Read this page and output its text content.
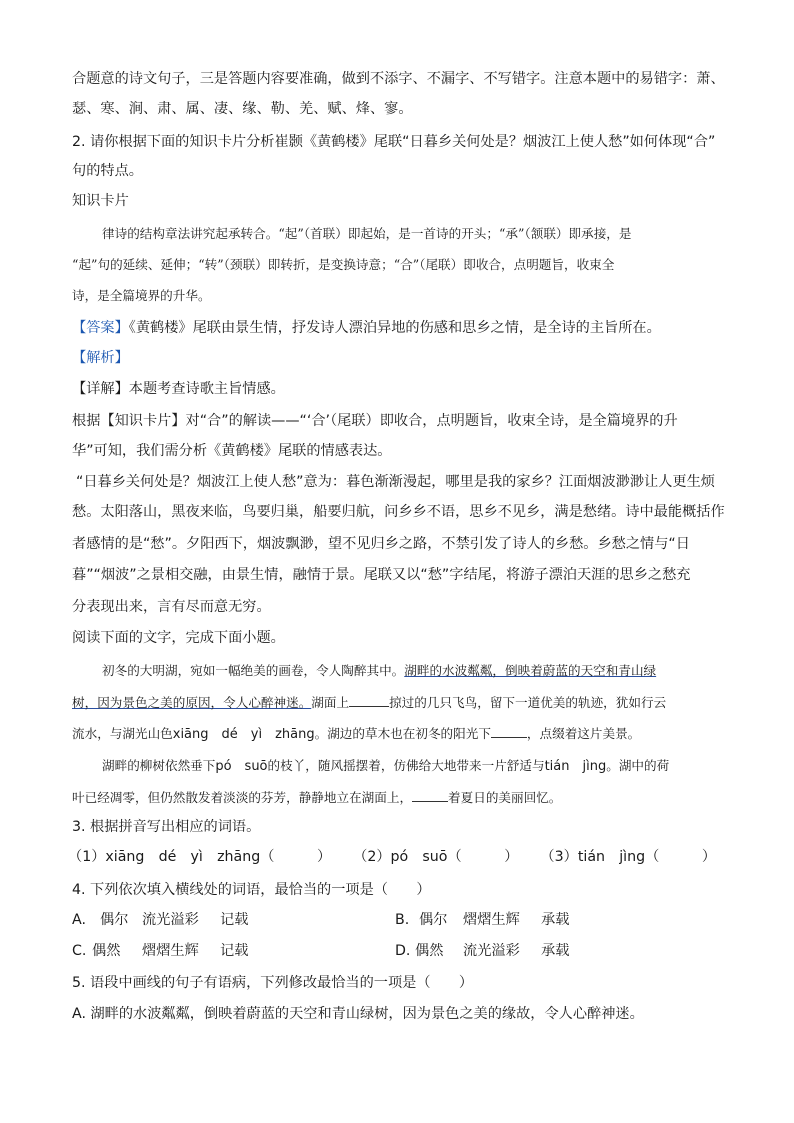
合题意的诗文句子，三是答题内容要准确，做到不添字、不漏字、不写错字。注意本题中的易错字：萧、
瑟、寒、涧、肃、属、凄、缘、勒、羌、赋、烽、寥。
2. 请你根据下面的知识卡片分析崔颢《黄鹤楼》尾联“日暮乡关何处是？烟波江上使人愁”如何体现“合”
句的特点。
知识卡片
律诗的结构章法讲究起承转合。“起”（首联）即起始，是一首诗的开头；“承”（颔联）即承接，是
“起”句的延续、延伸；“转”（颈联）即转折，是变换诗意；“合”（尾联）即收合，点明题旨，收束全
诗，是全篇境界的升华。
【答案】《黄鹤楼》尾联由景生情，抒发诗人漂泊异地的伤感和思乡之情，是全诗的主旨所在。
【解析】
【详解】本题考查诗歌主旨情感。
根据【知识卡片】对“合”的解读——“‘合’（尾联）即收合，点明题旨，收束全诗，是全篇境界的升
华”可知，我们需分析《黄鹤楼》尾联的情感表达。
“日暮乡关何处是？烟波江上使人愁”意为：暮色渐渐漫起，哪里是我的家乡？江面烟波渺渺让人更生烦
愁。太阳落山，黑夜来临，鸟要归巢，船要归航，问乡乡不语，思乡不见乡，满是愁绪。诗中最能概括作
者感情的是“愁”。夕阳西下，烟波飘渺，望不见归乡之路，不禁引发了诗人的乡愁。乡愁之情与“日
暮”“烟波”之景相交融，由景生情，融情于景。尾联又以“愁”字结尾，将游子漂泊天涯的思乡之愁充
分表现出来，言有尽而意无穷。
阅读下面的文字，完成下面小题。
初冬的大明湖，宛如一幅绝美的画卷，令人陶醉其中。湖畔的水波粼粼，倒映着蔚蓝的天空和青山绿
树，因为景色之美的原因，令人心醉神迷。湖面上	掠过的几只飞鸟，留下一道优美的轨迹，犹如行云
流水，与湖光山色xiāng　dé　yì　zhāng。湖边的草木也在初冬的阳光下	，点缀着这片美景。
湖畔的柳树依然垂下pó　suō的枝丫，随风摇摆着，仿佛给大地带来一片舒适与tián　jìng。湖中的荷
叶已经凋零，但仍然散发着淡淡的芬芳，静静地立在湖面上，	着夏日的美丽回忆。
3. 根据拼音写出相应的词语。
（1）xiāng　dé　yì　zhāng（　　　） （2）pó　suō（　　　） （3）tián　jìng（　　　）
4. 下列依次填入横线处的词语，最恰当的一项是（　　）
A. 偶尔 流光溢彩 记载	B. 偶尔 熠熠生辉 承载
C. 偶然 熠熠生辉 记载	D. 偶然 流光溢彩 承载
5. 语段中画线的句子有语病，下列修改最恰当的一项是（　　）
A. 湖畔的水波粼粼，倒映着蔚蓝的天空和青山绿树，因为景色之美的缘故，令人心醉神迷。
